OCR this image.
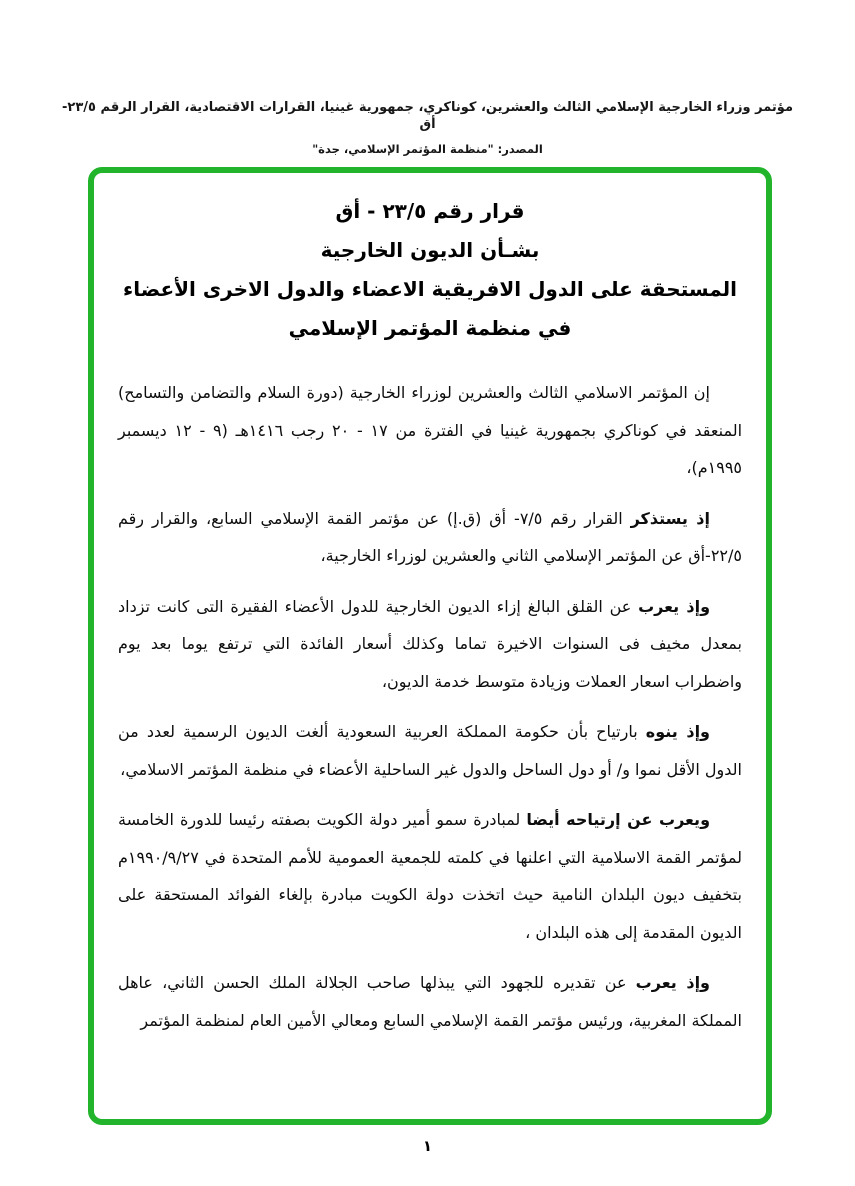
مؤتمر وزراء الخارجية الإسلامي الثالث والعشرين، كوناكري، جمهورية غينيا، القرارات الاقتصادية، القرار الرقم ٢٣/٥-أق
المصدر: "منظمة المؤتمر الإسلامي، جدة"
قرار رقم ٢٣/٥ - أق
بشـأن الديون الخارجية
المستحقة على الدول الافريقية الاعضاء والدول الاخرى الأعضاء
في منظمة المؤتمر الإسلامي

إن المؤتمر الاسلامي الثالث والعشرين لوزراء الخارجية (دورة السلام والتضامن والتسامح) المنعقد في كوناكري بجمهورية غينيا في الفترة من ١٧ - ٢٠ رجب ١٤١٦هـ (٩ - ١٢ ديسمبر ١٩٩٥م)،

إذ يستذكر القرار رقم ٧/٥- أق (ق.إ) عن مؤتمر القمة الإسلامي السابع، والقرار رقم ٢٢/٥-أق عن المؤتمر الإسلامي الثاني والعشرين لوزراء الخارجية،

وإذ يعرب عن القلق البالغ إزاء الديون الخارجية للدول الأعضاء الفقيرة التى كانت تزداد بمعدل مخيف فى السنوات الاخيرة تماما وكذلك أسعار الفائدة التي ترتفع يوما بعد يوم واضطراب اسعار العملات وزيادة متوسط خدمة الديون،

وإذ ينوه بارتياح بأن حكومة المملكة العربية السعودية ألغت الديون الرسمية لعدد من الدول الأقل نموا و/ أو دول الساحل والدول غير الساحلية الأعضاء في منظمة المؤتمر الاسلامي،

ويعرب عن إرتياحه أيضا لمبادرة سمو أمير دولة الكويت بصفته رئيسا للدورة الخامسة لمؤتمر القمة الاسلامية التي اعلنها في كلمته للجمعية العمومية للأمم المتحدة في ١٩٩٠/٩/٢٧م بتخفيف ديون البلدان النامية حيث اتخذت دولة الكويت مبادرة بإلغاء الفوائد المستحقة على الديون المقدمة إلى هذه البلدان ،

وإذ يعرب عن تقديره للجهود التي يبذلها صاحب الجلالة الملك الحسن الثاني، عاهل المملكة المغربية، ورئيس مؤتمر القمة الإسلامي السابع ومعالي الأمين العام لمنظمة المؤتمر

١
